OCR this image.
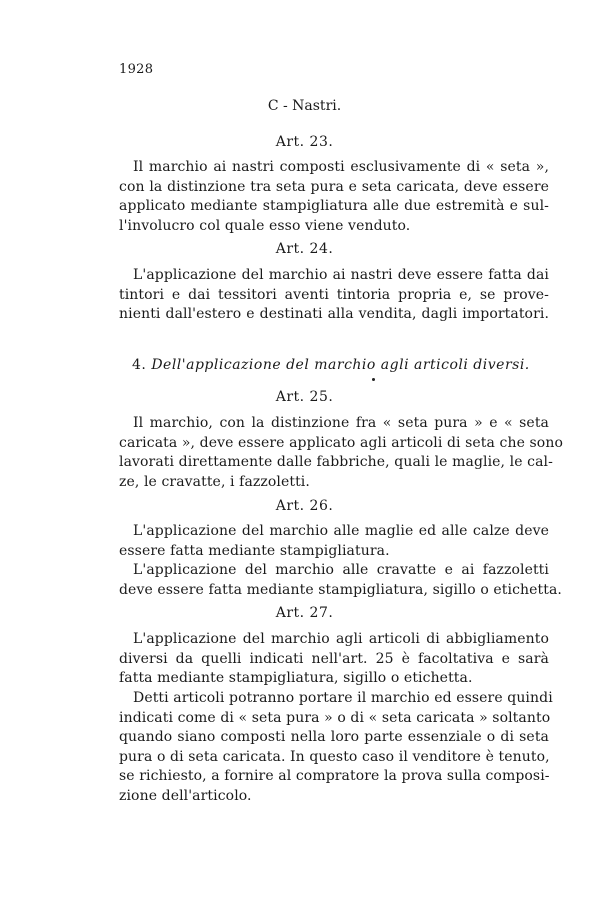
1928
C - Nastri.
Art. 23.
Il marchio ai nastri composti esclusivamente di « seta »,
con la distinzione tra seta pura e seta caricata, deve essere
applicato mediante stampigliatura alle due estremità e sul-
l'involucro col quale esso viene venduto.
Art. 24.
L'applicazione del marchio ai nastri deve essere fatta dai
tintori e dai tessitori aventi tintoria propria e, se prove-
nienti dall'estero e destinati alla vendita, dagli importatori.
4. Dell'applicazione del marchio agli articoli diversi.
Art. 25.
Il marchio, con la distinzione fra « seta pura » e « seta
caricata », deve essere applicato agli articoli di seta che sono
lavorati direttamente dalle fabbriche, quali le maglie, le cal-
ze, le cravatte, i fazzoletti.
Art. 26.
L'applicazione del marchio alle maglie ed alle calze deve
essere fatta mediante stampigliatura.
L'applicazione del marchio alle cravatte e ai fazzoletti
deve essere fatta mediante stampigliatura, sigillo o etichetta.
Art. 27.
L'applicazione del marchio agli articoli di abbigliamento
diversi da quelli indicati nell'art. 25 è facoltativa e sarà
fatta mediante stampigliatura, sigillo o etichetta.
Detti articoli potranno portare il marchio ed essere quindi
indicati come di « seta pura » o di « seta caricata » soltanto
quando siano composti nella loro parte essenziale o di seta
pura o di seta caricata. In questo caso il venditore è tenuto,
se richiesto, a fornire al compratore la prova sulla composi-
zione dell'articolo.
